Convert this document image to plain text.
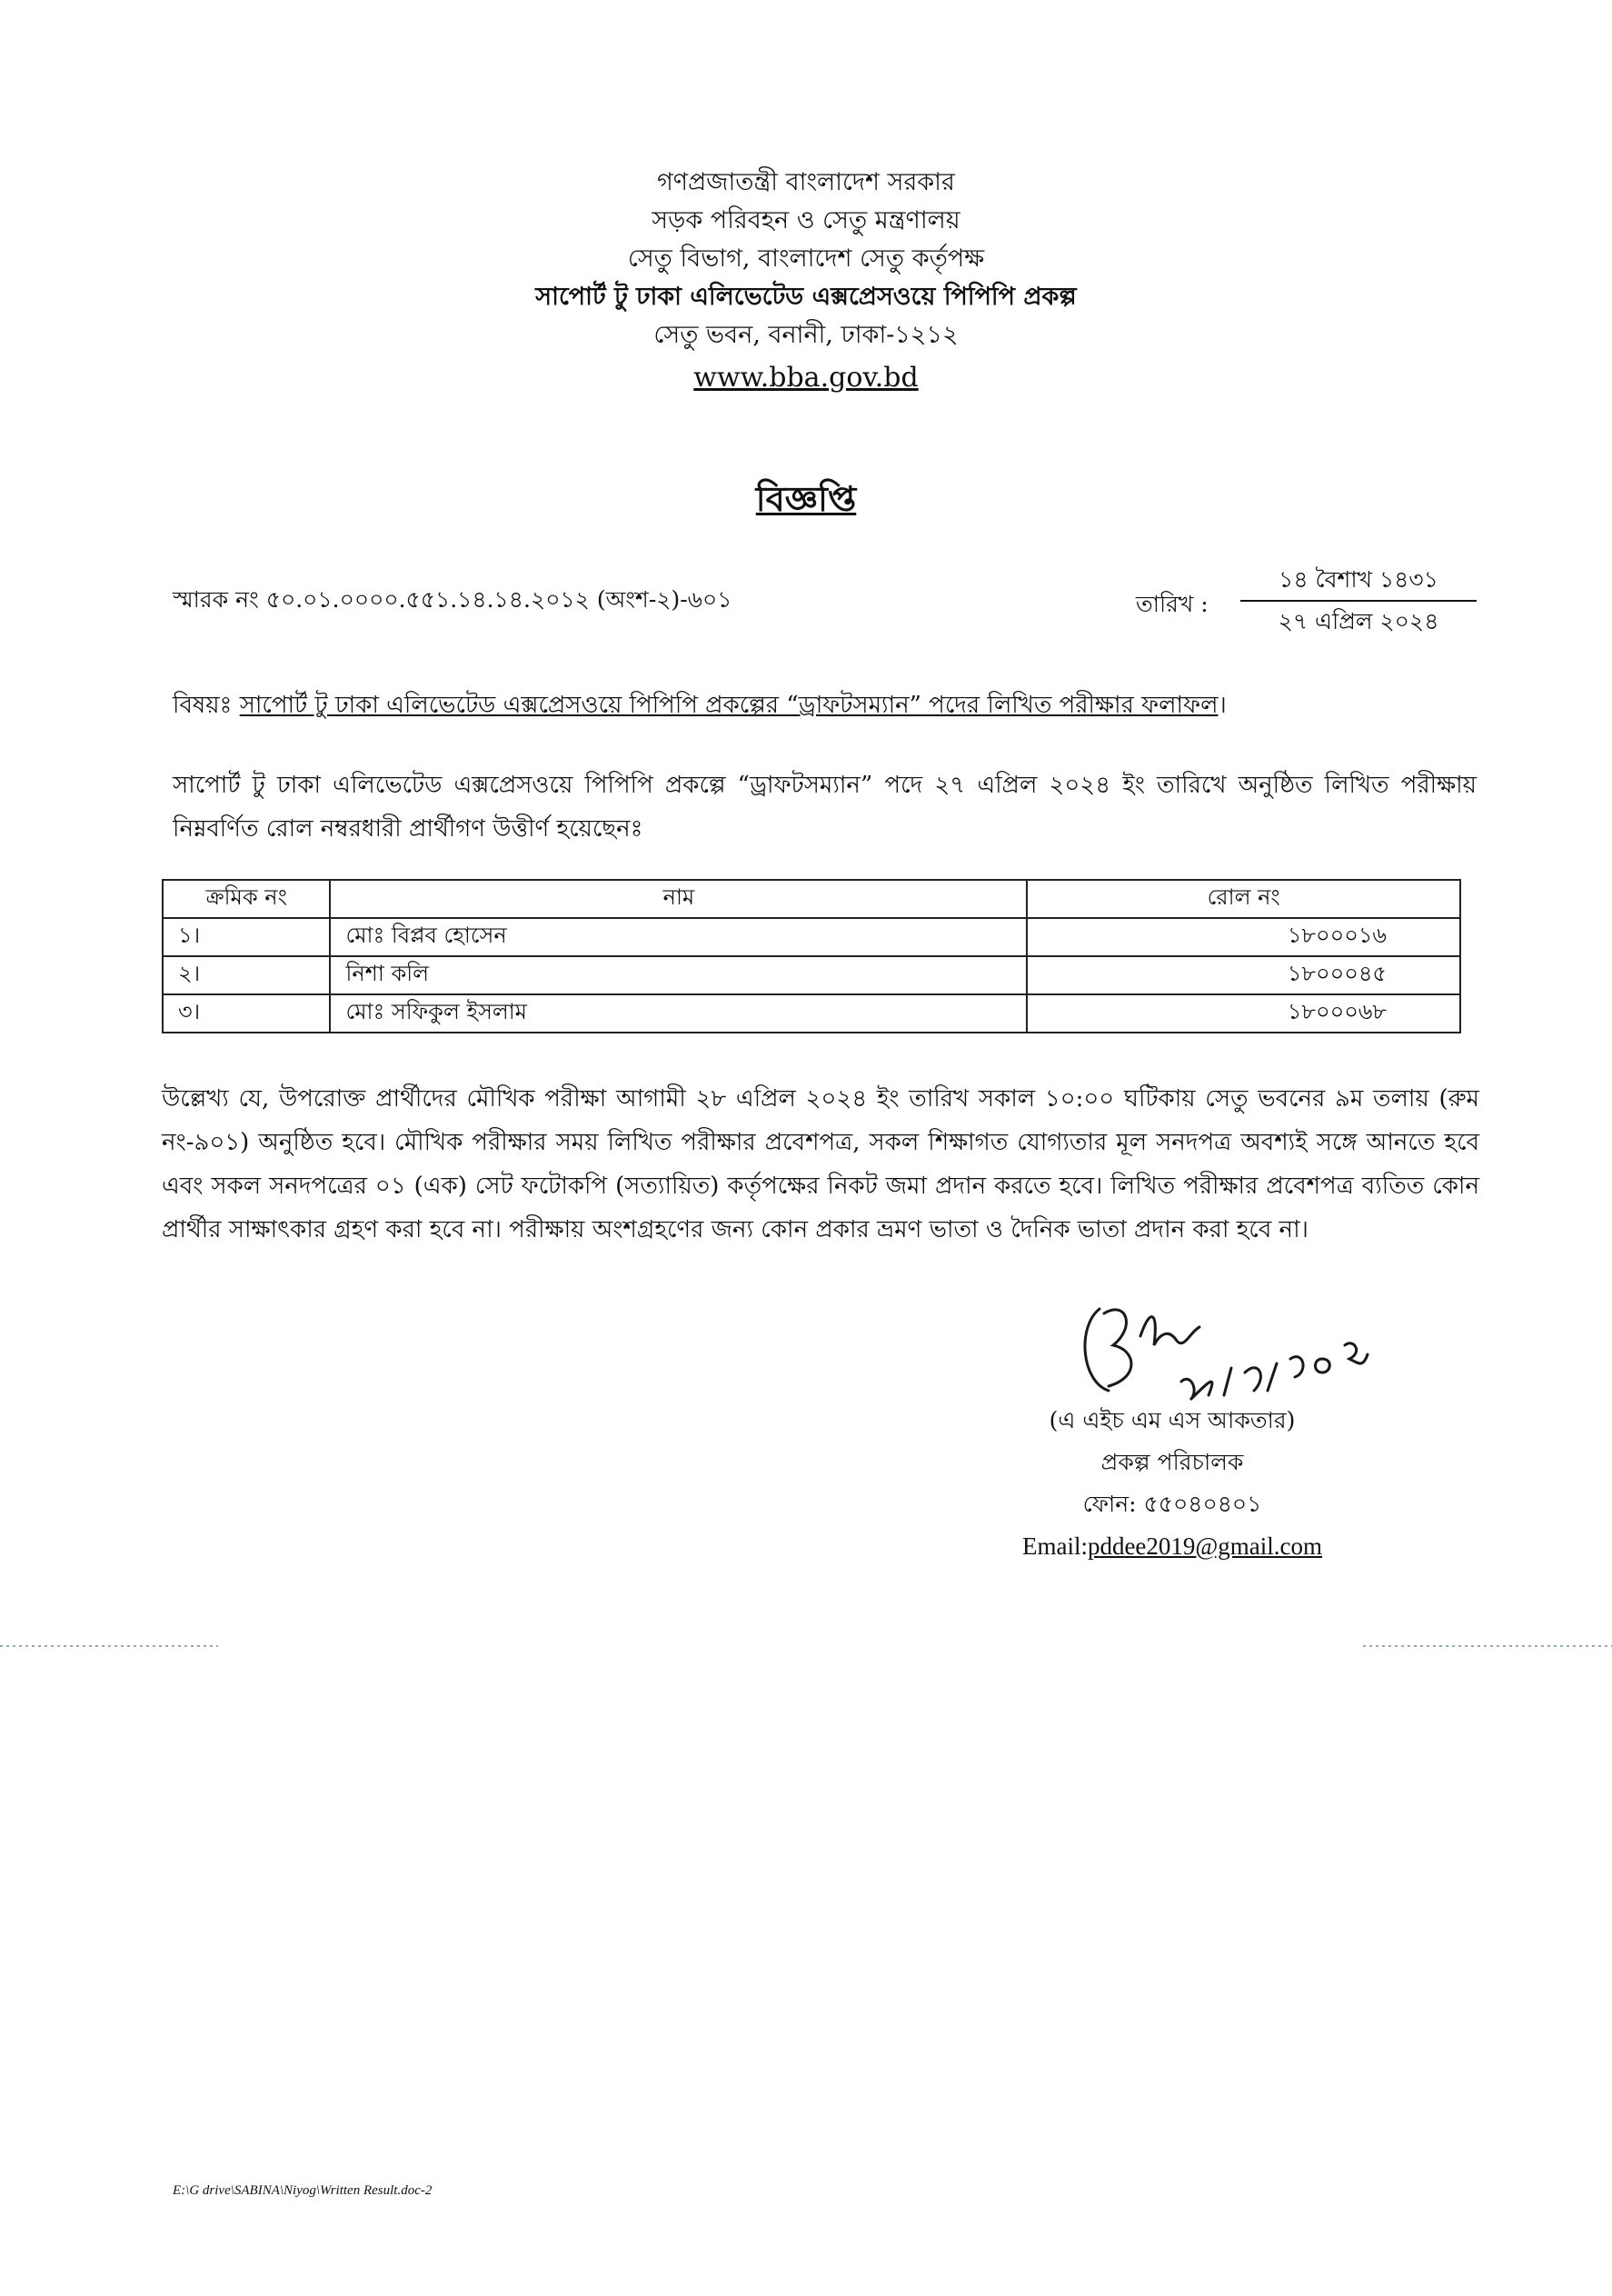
গণপ্রজাতন্ত্রী বাংলাদেশ সরকার
সড়ক পরিবহন ও সেতু মন্ত্রণালয়
সেতু বিভাগ, বাংলাদেশ সেতু কর্তৃপক্ষ
সাপোর্ট টু ঢাকা এলিভেটেড এক্সপ্রেসওয়ে পিপিপি প্রকল্প
সেতু ভবন, বনানী, ঢাকা-১২১২
www.bba.gov.bd
বিজ্ঞপ্তি
স্মারক নং ৫০.০১.০০০০.৫৫১.১৪.১৪.২০১২ (অংশ-২)-৬০১	তারিখ :
১৪ বৈশাখ ১৪৩১
২৭ এপ্রিল ২০২৪
বিষয়ঃ সাপোর্ট টু ঢাকা এলিভেটেড এক্সপ্রেসওয়ে পিপিপি প্রকল্পের “ড্রাফটসম্যান” পদের লিখিত পরীক্ষার ফলাফল।
সাপোর্ট টু ঢাকা এলিভেটেড এক্সপ্রেসওয়ে পিপিপি প্রকল্পে “ড্রাফটসম্যান” পদে ২৭ এপ্রিল ২০২৪ ইং তারিখে অনুষ্ঠিত লিখিত পরীক্ষায় নিম্নবর্ণিত রোল নম্বরধারী প্রার্থীগণ উত্তীর্ণ হয়েছেনঃ
ক্রমিক নং	নাম	রোল নং
১।	মোঃ বিপ্লব হোসেন	১৮০০০১৬
২।	নিশা কলি	১৮০০০৪৫
৩।	মোঃ সফিকুল ইসলাম	১৮০০০৬৮
উল্লেখ্য যে, উপরোক্ত প্রার্থীদের মৌখিক পরীক্ষা আগামী ২৮ এপ্রিল ২০২৪ ইং তারিখ সকাল ১০:০০ ঘটিকায় সেতু ভবনের ৯ম তলায় (রুম নং-৯০১) অনুষ্ঠিত হবে। মৌখিক পরীক্ষার সময় লিখিত পরীক্ষার প্রবেশপত্র, সকল শিক্ষাগত যোগ্যতার মূল সনদপত্র অবশ্যই সঙ্গে আনতে হবে এবং সকল সনদপত্রের ০১ (এক) সেট ফটোকপি (সত্যায়িত) কর্তৃপক্ষের নিকট জমা প্রদান করতে হবে। লিখিত পরীক্ষার প্রবেশপত্র ব্যতিত কোন প্রার্থীর সাক্ষাৎকার গ্রহণ করা হবে না। পরীক্ষায় অংশগ্রহণের জন্য কোন প্রকার ভ্রমণ ভাতা ও দৈনিক ভাতা প্রদান করা হবে না।
(এ এইচ এম এস আকতার)
প্রকল্প পরিচালক
ফোন: ৫৫০৪০৪০১
Email:pddee2019@gmail.com
E:\G drive\SABINA\Niyog\Written Result.doc-2
